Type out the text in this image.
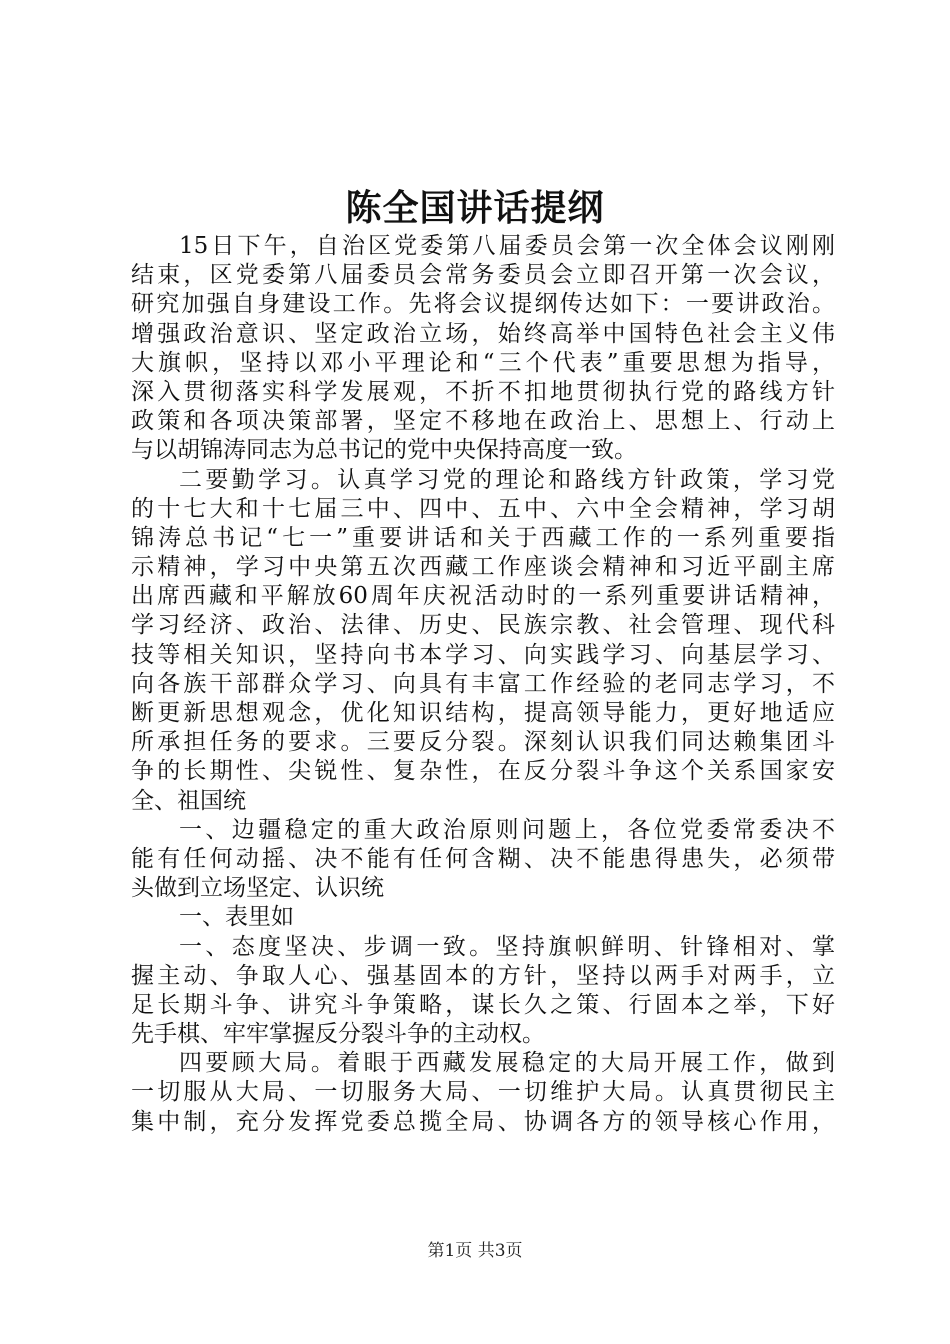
陈全国讲话提纲
15日下午，自治区党委第八届委员会第一次全体会议刚刚
结束，区党委第八届委员会常务委员会立即召开第一次会议，
研究加强自身建设工作。先将会议提纲传达如下：一要讲政治。
增强政治意识、坚定政治立场，始终高举中国特色社会主义伟
大旗帜，坚持以邓小平理论和“三个代表”重要思想为指导，
深入贯彻落实科学发展观，不折不扣地贯彻执行党的路线方针
政策和各项决策部署，坚定不移地在政治上、思想上、行动上
与以胡锦涛同志为总书记的党中央保持高度一致。
二要勤学习。认真学习党的理论和路线方针政策，学习党
的十七大和十七届三中、四中、五中、六中全会精神，学习胡
锦涛总书记“七一”重要讲话和关于西藏工作的一系列重要指
示精神，学习中央第五次西藏工作座谈会精神和习近平副主席
出席西藏和平解放60周年庆祝活动时的一系列重要讲话精神，
学习经济、政治、法律、历史、民族宗教、社会管理、现代科
技等相关知识，坚持向书本学习、向实践学习、向基层学习、
向各族干部群众学习、向具有丰富工作经验的老同志学习，不
断更新思想观念，优化知识结构，提高领导能力，更好地适应
所承担任务的要求。三要反分裂。深刻认识我们同达赖集团斗
争的长期性、尖锐性、复杂性，在反分裂斗争这个关系国家安
全、祖国统
一、边疆稳定的重大政治原则问题上，各位党委常委决不
能有任何动摇、决不能有任何含糊、决不能患得患失，必须带
头做到立场坚定、认识统
一、表里如
一、态度坚决、步调一致。坚持旗帜鲜明、针锋相对、掌
握主动、争取人心、强基固本的方针，坚持以两手对两手，立
足长期斗争、讲究斗争策略，谋长久之策、行固本之举，下好
先手棋、牢牢掌握反分裂斗争的主动权。
四要顾大局。着眼于西藏发展稳定的大局开展工作，做到
一切服从大局、一切服务大局、一切维护大局。认真贯彻民主
集中制，充分发挥党委总揽全局、协调各方的领导核心作用，
第1页 共3页
